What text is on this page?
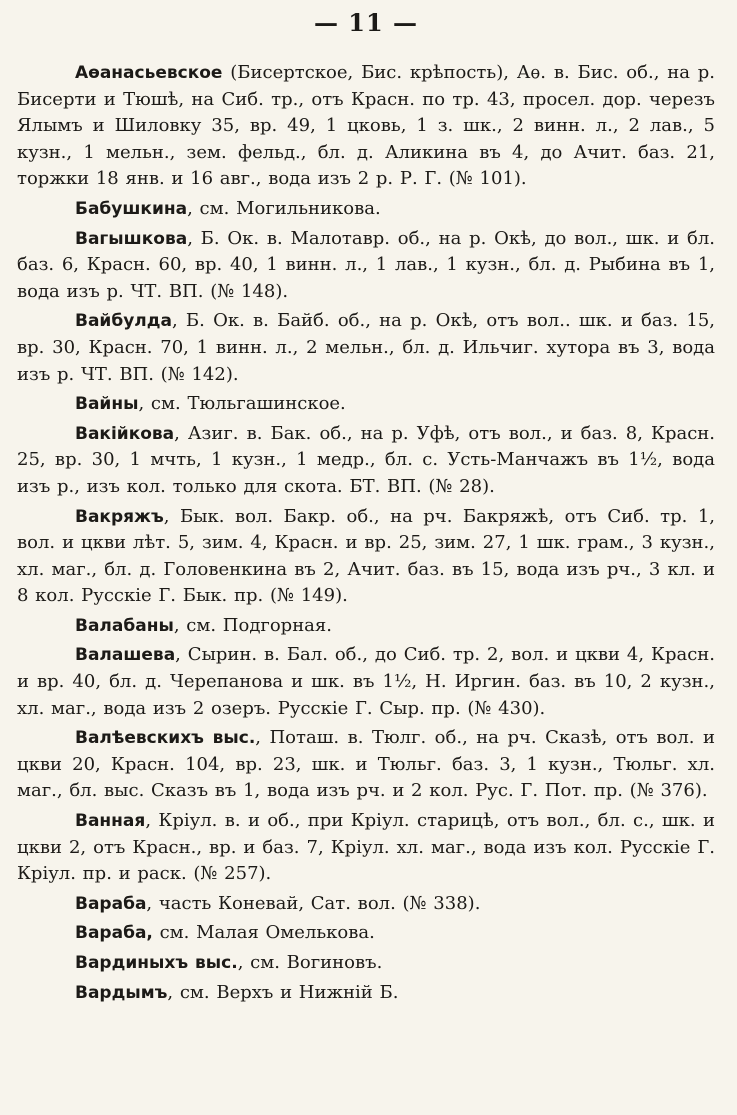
— 11 —

Аѳанасьевское (Бисертское, Бис. крѣпость), Аѳ. в. Бис. об., на р. Бисерти и Тюшѣ, на Сиб. тр., отъ Красн. по тр. 43, просел. дор. черезъ Ялымъ и Шиловку 35, вр. 49, 1 цковь, 1 з. шк., 2 винн. л., 2 лав., 5 кузн., 1 мельн., зем. фельд., бл. д. Аликина въ 4, до Ачит. баз. 21, торжки 18 янв. и 16 авг., вода изъ 2 р. Р. Г. (№ 101).

Бабушкина, см. Могильникова.

Вагышкова, Б. Ок. в. Малотавр. об., на р. Окѣ, до вол., шк. и бл. баз. 6, Красн. 60, вр. 40, 1 винн. л., 1 лав., 1 кузн., бл. д. Рыбина въ 1, вода изъ р. ЧТ. ВП. (№ 148).

Вайбулда, Б. Ок. в. Байб. об., на р. Окѣ, отъ вол.. шк. и баз. 15, вр. 30, Красн. 70, 1 винн. л., 2 мельн., бл. д. Ильчиг. хутора въ 3, вода изъ р. ЧТ. ВП. (№ 142).

Вайны, см. Тюльгашинское.

Вакійкова, Азиг. в. Бак. об., на р. Уфѣ, отъ вол., и баз. 8, Красн. 25, вр. 30, 1 мчть, 1 кузн., 1 медр., бл. с. Усть-Манчажъ въ 1½, вода изъ р., изъ кол. только для скота. БТ. ВП. (№ 28).

Вакряжъ, Бык. вол. Бакр. об., на рч. Бакряжѣ, отъ Сиб. тр. 1, вол. и цкви лѣт. 5, зим. 4, Красн. и вр. 25, зим. 27, 1 шк. грам., 3 кузн., хл. маг., бл. д. Головенкина въ 2, Ачит. баз. въ 15, вода изъ рч., 3 кл. и 8 кол. Русскіе Г. Бык. пр. (№ 149).

Валабаны, см. Подгорная.

Валашева, Сырин. в. Бал. об., до Сиб. тр. 2, вол. и цкви 4, Красн. и вр. 40, бл. д. Черепанова и шк. въ 1½, Н. Иргин. баз. въ 10, 2 кузн., хл. маг., вода изъ 2 озеръ. Русскіе Г. Сыр. пр. (№ 430).

Валѣевскихъ выс., Поташ. в. Тюлг. об., на рч. Сказѣ, отъ вол. и цкви 20, Красн. 104, вр. 23, шк. и Тюльг. баз. 3, 1 кузн., Тюльг. хл. маг., бл. выс. Сказъ въ 1, вода изъ рч. и 2 кол. Рус. Г. Пот. пр. (№ 376).

Ванная, Кріул. в. и об., при Кріул. старицѣ, отъ вол., бл. с., шк. и цкви 2, отъ Красн., вр. и баз. 7, Кріул. хл. маг., вода изъ кол. Русскіе Г. Кріул. пр. и раск. (№ 257).

Вараба, часть Коневай, Сат. вол. (№ 338).

Вараба, см. Малая Омелькова.

Вардиныхъ выс., см. Вогиновъ.

Вардымъ, см. Верхъ и Нижній Б.
